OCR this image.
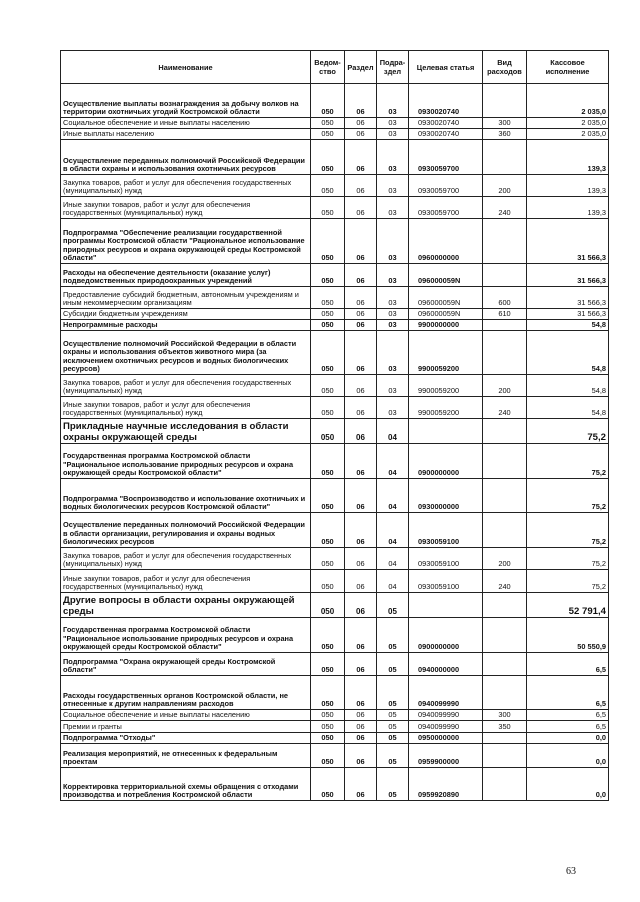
Наименование	Ведом-ство	Раздел	Подра-здел	Целевая статья	Вид расходов	Кассовое исполнение
Осуществление выплаты вознаграждения за добычу волков на территории охотничьих угодий Костромской области	050	06	03	0930020740		2 035,0
Социальное обеспечение и иные выплаты населению	050	06	03	0930020740	300	2 035,0
Иные выплаты населению	050	06	03	0930020740	360	2 035,0
Осуществление переданных полномочий Российской Федерации в области охраны и использования охотничьих ресурсов	050	06	03	0930059700		139,3
Закупка товаров, работ и услуг для обеспечения государственных (муниципальных) нужд	050	06	03	0930059700	200	139,3
Иные закупки товаров, работ и услуг для обеспечения государственных (муниципальных) нужд	050	06	03	0930059700	240	139,3
Подпрограмма "Обеспечение реализации государственной программы Костромской области "Рациональное использование природных ресурсов и охрана окружающей среды Костромской области"	050	06	03	0960000000		31 566,3
Расходы на обеспечение деятельности (оказание услуг) подведомственных природоохранных учреждений	050	06	03	096000059N		31 566,3
Предоставление субсидий бюджетным, автономным учреждениям и иным некоммерческим организациям	050	06	03	096000059N	600	31 566,3
Субсидии бюджетным учреждениям	050	06	03	096000059N	610	31 566,3
Непрограммные расходы	050	06	03	9900000000		54,8
Осуществление полномочий Российской Федерации в области охраны и использования объектов животного мира (за исключением охотничьих ресурсов и водных биологических ресурсов)	050	06	03	9900059200		54,8
Закупка товаров, работ и услуг для обеспечения государственных (муниципальных) нужд	050	06	03	9900059200	200	54,8
Иные закупки товаров, работ и услуг для обеспечения государственных (муниципальных) нужд	050	06	03	9900059200	240	54,8
Прикладные научные исследования в области охраны окружающей среды	050	06	04			75,2
Государственная программа Костромской области "Рациональное использование природных ресурсов и охрана окружающей среды Костромской области"	050	06	04	0900000000		75,2
Подпрограмма "Воспроизводство и использование охотничьих и водных биологических ресурсов Костромской области"	050	06	04	0930000000		75,2
Осуществление переданных полномочий Российской Федерации в области организации, регулирования и охраны водных биологических ресурсов	050	06	04	0930059100		75,2
Закупка товаров, работ и услуг для обеспечения государственных (муниципальных) нужд	050	06	04	0930059100	200	75,2
Иные закупки товаров, работ и услуг для обеспечения государственных (муниципальных) нужд	050	06	04	0930059100	240	75,2
Другие вопросы в области охраны окружающей среды	050	06	05			52 791,4
Государственная программа Костромской области "Рациональное использование природных ресурсов и охрана окружающей среды Костромской области"	050	06	05	0900000000		50 550,9
Подпрограмма "Охрана окружающей среды Костромской области"	050	06	05	0940000000		6,5
Расходы государственных органов Костромской области, не отнесенные к другим направлениям расходов	050	06	05	0940099990		6,5
Социальное обеспечение и иные выплаты населению	050	06	05	0940099990	300	6,5
Премии и гранты	050	06	05	0940099990	350	6,5
Подпрограмма "Отходы"	050	06	05	0950000000		0,0
Реализация мероприятий, не отнесенных к федеральным проектам	050	06	05	0959900000		0,0
Корректировка территориальной схемы обращения с отходами производства и потребления Костромской области	050	06	05	0959920890		0,0
63
